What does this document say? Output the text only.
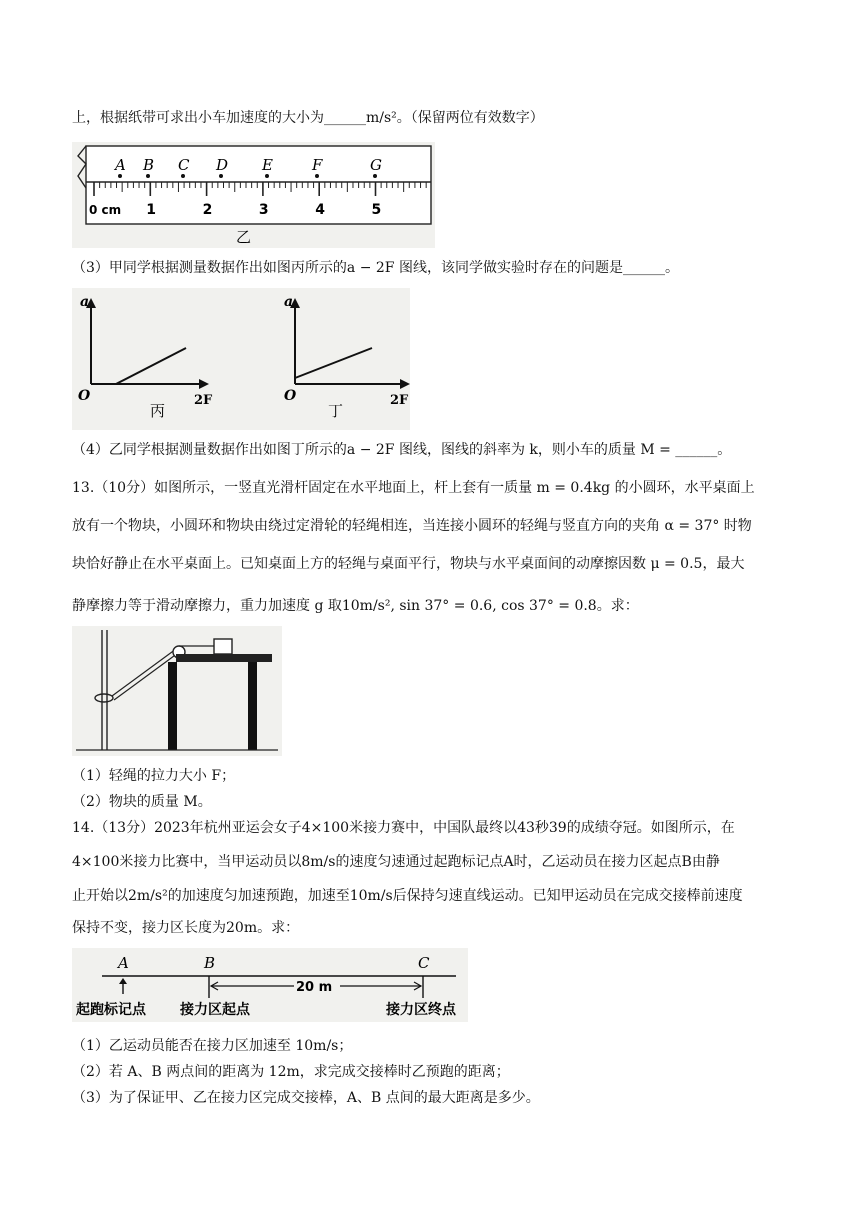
上，根据纸带可求出小车加速度的大小为______m/s²。（保留两位有效数字）
A B C D E	F	G
0 cm 1	2	3	4	5
乙
（3）甲同学根据测量数据作出如图丙所示的a − 2F 图线，该同学做实验时存在的问题是______。
a
O	2F
丙
a
O	2F
丁
（4）乙同学根据测量数据作出如图丁所示的a − 2F 图线，图线的斜率为 k，则小车的质量 M = ______。
13.（10分）如图所示，一竖直光滑杆固定在水平地面上，杆上套有一质量 m = 0.4kg 的小圆环，水平桌面上
放有一个物块，小圆环和物块由绕过定滑轮的轻绳相连，当连接小圆环的轻绳与竖直方向的夹角 α = 37° 时物
块恰好静止在水平桌面上。已知桌面上方的轻绳与桌面平行，物块与水平桌面间的动摩擦因数 μ = 0.5，最大
静摩擦力等于滑动摩擦力，重力加速度 g 取10m/s², sin 37° = 0.6, cos 37° = 0.8。求：
（1）轻绳的拉力大小 F；
（2）物块的质量 M。
14.（13分）2023年杭州亚运会女子4×100米接力赛中，中国队最终以43秒39的成绩夺冠。如图所示，在
4×100米接力比赛中，当甲运动员以8m/s的速度匀速通过起跑标记点A时，乙运动员在接力区起点B由静
止开始以2m/s²的加速度匀加速预跑，加速至10m/s后保持匀速直线运动。已知甲运动员在完成交接棒前速度
保持不变，接力区长度为20m。求：
A	B	C
20 m
起跑标记点 接力区起点	接力区终点
（1）乙运动员能否在接力区加速至 10m/s；
（2）若 A、B 两点间的距离为 12m，求完成交接棒时乙预跑的距离；
（3）为了保证甲、乙在接力区完成交接棒，A、B 点间的最大距离是多少。
